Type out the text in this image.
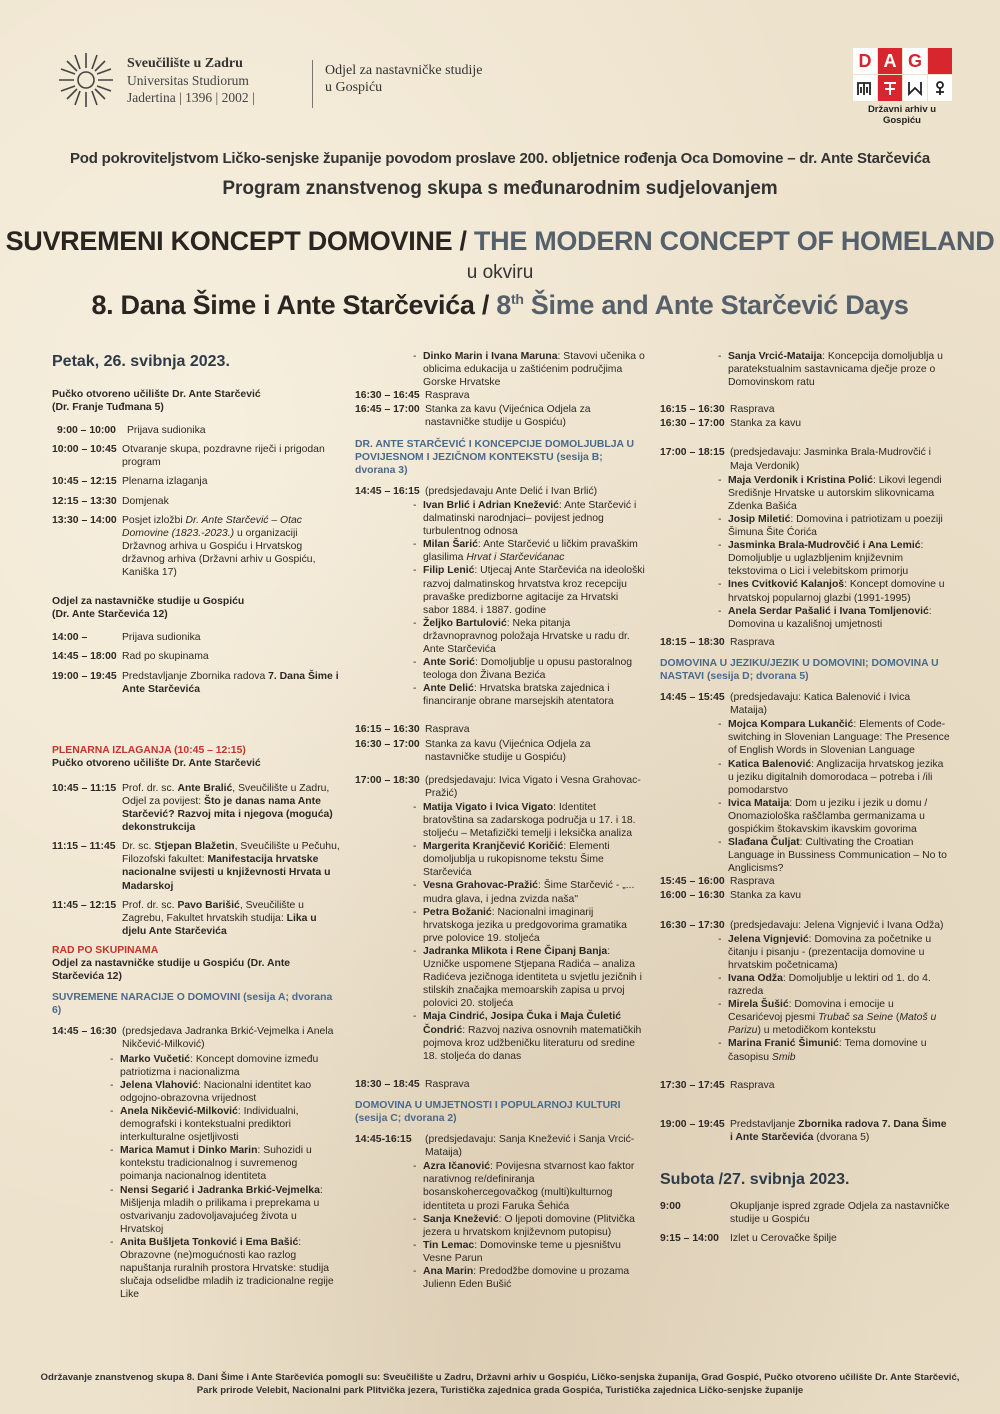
Sveučilište u Zadru
Universitas Studiorum
Jadertina | 1396 | 2002 |
Odjel za nastavničke studije
u Gospiću
D A G
Državni arhiv u Gospiću
Pod pokroviteljstvom Ličko-senjske županije povodom proslave 200. obljetnice rođenja Oca Domovine – dr. Ante Starčevića
Program znanstvenog skupa s međunarodnim sudjelovanjem
SUVREMENI KONCEPT DOMOVINE / THE MODERN CONCEPT OF HOMELAND
u okviru
8. Dana Šime i Ante Starčevića / 8th Šime and Ante Starčević Days
Petak, 26. svibnja 2023.
Pučko otvoreno učilište Dr. Ante Starčević
(Dr. Franje Tuđmana 5)
9:00 – 10:00	Prijava sudionika
10:00 – 10:45 Otvaranje skupa, pozdravne riječi i prigodan program
10:45 – 12:15 Plenarna izlaganja
12:15 – 13:30 Domjenak
13:30 – 14:00 Posjet izložbi Dr. Ante Starčević – Otac Domovine (1823.-2023.) u organizaciji Državnog arhiva u Gospiću i Hrvatskog državnog arhiva (Državni arhiv u Gospiću, Kaniška 17)
Odjel za nastavničke studije u Gospiću
(Dr. Ante Starčevića 12)
14:00 –	Prijava sudionika
14:45 – 18:00 Rad po skupinama
19:00 – 19:45 Predstavljanje Zbornika radova 7. Dana Šime i Ante Starčevića
PLENARNA IZLAGANJA (10:45 – 12:15)
Pučko otvoreno učilište Dr. Ante Starčević
10:45 – 11:15 Prof. dr. sc. Ante Bralić, Sveučilište u Zadru, Odjel za povijest: Što je danas nama Ante Starčević? Razvoj mita i njegova (moguća) dekonstrukcija
11:15 – 11:45 Dr. sc. Stjepan Blažetin, Sveučilište u Pečuhu, Filozofski fakultet: Manifestacija hrvatske nacionalne svijesti u književnosti Hrvata u Madarskoj
11:45 – 12:15 Prof. dr. sc. Pavo Barišić, Sveučilište u Zagrebu, Fakultet hrvatskih studija: Lika u djelu Ante Starčevića
RAD PO SKUPINAMA
Odjel za nastavničke studije u Gospiću (Dr. Ante Starčevića 12)
SUVREMENE NARACIJE O DOMOVINI (sesija A; dvorana 6)
14:45 – 16:30 (predsjedava Jadranka Brkić-Vejmelka i Anela Nikčević-Milković)
- Marko Vučetić: Koncept domovine između patriotizma i nacionalizma
- Jelena Vlahović: Nacionalni identitet kao odgojno-obrazovna vrijednost
- Anela Nikčević-Milković: Individualni, demografski i kontekstualni prediktori interkulturalne osjetljivosti
- Marica Mamut i Dinko Marin: Suhozidi u kontekstu tradicionalnog i suvremenog poimanja nacionalnog identiteta
- Nensi Segarić i Jadranka Brkić-Vejmelka: Mišljenja mladih o prilikama i preprekama u ostvarivanju zadovoljavajućeg života u Hrvatskoj
- Anita Bušljeta Tonković i Ema Bašić: Obrazovne (ne)mogućnosti kao razlog napuštanja ruralnih prostora Hrvatske: studija slučaja odselidbe mladih iz tradicionalne regije Like
- Dinko Marin i Ivana Maruna: Stavovi učenika o oblicima edukacija u zaštićenim područjima Gorske Hrvatske
16:30 – 16:45 Rasprava
16:45 – 17:00 Stanka za kavu (Vijećnica Odjela za nastavničke studije u Gospiću)
DR. ANTE STARČEVIĆ I KONCEPCIJE DOMOLJUBLJA U POVIJESNOM I JEZIČNOM KONTEKSTU (sesija B; dvorana 3)
14:45 – 16:15 (predsjedavaju Ante Delić i Ivan Brlić)
- Ivan Brlić i Adrian Knežević: Ante Starčević i dalmatinski narodnjaci– povijest jednog turbulentnog odnosa
- Milan Šarić: Ante Starčević u ličkim pravaškim glasilima Hrvat i Starčevićanac
- Filip Lenić: Utjecaj Ante Starčevića na ideološki razvoj dalmatinskog hrvatstva kroz recepciju pravaške predizborne agitacije za Hrvatski sabor 1884. i 1887. godine
- Željko Bartulović: Neka pitanja državnopravnog položaja Hrvatske u radu dr. Ante Starčevića
- Ante Sorić: Domoljublje u opusu pastoralnog teologa don Živana Bezića
- Ante Delić: Hrvatska bratska zajednica i financiranje obrane marsejskih atentatora
16:15 – 16:30 Rasprava
16:30 – 17:00 Stanka za kavu (Vijećnica Odjela za nastavničke studije u Gospiću)
17:00 – 18:30 (predsjedavaju: Ivica Vigato i Vesna Grahovac-Pražić)
- Matija Vigato i Ivica Vigato: Identitet bratovština sa zadarskoga područja u 17. i 18. stoljeću – Metafizički temelji i leksička analiza
- Margerita Kranjčević Koričić: Elementi domoljublja u rukopisnome tekstu Šime Starčevića
- Vesna Grahovac-Pražić: Šime Starčević - „... mudra glava, i jedna zvizda naša"
- Petra Božanić: Nacionalni imaginarij hrvatskoga jezika u predgovorima gramatika prve polovice 19. stoljeća
- Jadranka Mlikota i Rene Čipanj Banja: Uzničke uspomene Stjepana Radića – analiza Radićeva jezičnoga identiteta u svjetlu jezičnih i stilskih značajka memoarskih zapisa u prvoj polovici 20. stoljeća
- Maja Cindrić, Josipa Čuka i Maja Čuletić Čondrić: Razvoj naziva osnovnih matematičkih pojmova kroz udžbeničku literaturu od sredine 18. stoljeća do danas
18:30 – 18:45 Rasprava
DOMOVINA U UMJETNOSTI I POPULARNOJ KULTURI (sesija C; dvorana 2)
14:45-16:15	(predsjedavaju: Sanja Knežević i Sanja Vrcić-Mataija)
- Azra Ičanović: Povijesna stvarnost kao faktor narativnog re/definiranja bosanskohercegovačkog (multi)kulturnog identiteta u prozi Faruka Šehića
- Sanja Knežević: O ljepoti domovine (Plitvička jezera u hrvatskom književnom putopisu)
- Tin Lemac: Domovinske teme u pjesništvu Vesne Parun
- Ana Marin: Predodžbe domovine u prozama Julienn Eden Bušić
- Sanja Vrcić-Mataija: Koncepcija domoljublja u paratekstualnim sastavnicama dječje proze o Domovinskom ratu
16:15 – 16:30 Rasprava
16:30 – 17:00 Stanka za kavu
17:00 – 18:15 (predsjedavaju: Jasminka Brala-Mudrovčić i Maja Verdonik)
- Maja Verdonik i Kristina Polić: Likovi legendi Središnje Hrvatske u autorskim slikovnicama Zdenka Bašića
- Josip Miletić: Domovina i patriotizam u poeziji Šimuna Šite Ćorića
- Jasminka Brala-Mudrovčić i Ana Lemić: Domoljublje u uglazbljenim književnim tekstovima o Lici i velebitskom primorju
- Ines Cvitković Kalanjoš: Koncept domovine u hrvatskoj popularnoj glazbi (1991-1995)
- Anela Serdar Pašalić i Ivana Tomljenović: Domovina u kazališnoj umjetnosti
18:15 – 18:30 Rasprava
DOMOVINA U JEZIKU/JEZIK U DOMOVINI; DOMOVINA U NASTAVI (sesija D; dvorana 5)
14:45 – 15:45 (predsjedavaju: Katica Balenović i Ivica Mataija)
- Mojca Kompara Lukančić: Elements of Code-switching in Slovenian Language: The Presence of English Words in Slovenian Language
- Katica Balenović: Anglizacija hrvatskog jezika u jeziku digitalnih domorodaca – potreba i /ili pomodarstvo
- Ivica Mataija: Dom u jeziku i jezik u domu / Onomaziološka raščlamba germanizama u gospićkim štokavskim ikavskim govorima
- Slađana Čuljat: Cultivating the Croatian Language in Bussiness Communication – No to Anglicisms?
15:45 – 16:00 Rasprava
16:00 – 16:30 Stanka za kavu
16:30 – 17:30 (predsjedavaju: Jelena Vignjević i Ivana Odža)
- Jelena Vignjević: Domovina za početnike u čitanju i pisanju - (prezentacija domovine u hrvatskim početnicama)
- Ivana Odža: Domoljublje u lektiri od 1. do 4. razreda
- Mirela Šušić: Domovina i emocije u Cesarićevoj pjesmi Trubač sa Seine (Matoš u Parizu) u metodičkom kontekstu
- Marina Franić Šimunić: Tema domovine u časopisu Smib
17:30 – 17:45 Rasprava
19:00 – 19:45 Predstavljanje Zbornika radova 7. Dana Šime i Ante Starčevića (dvorana 5)
Subota /27. svibnja 2023.
9:00	Okupljanje ispred zgrade Odjela za nastavničke studije u Gospiću
9:15 – 14:00	Izlet u Cerovačke špilje
Održavanje znanstvenog skupa 8. Dani Šime i Ante Starčevića pomogli su: Sveučilište u Zadru, Državni arhiv u Gospiću, Ličko-senjska županija, Grad Gospić, Pučko otvoreno učilište Dr. Ante Starčević,
Park prirode Velebit, Nacionalni park Plitvička jezera, Turistička zajednica grada Gospića, Turistička zajednica Ličko-senjske županije
